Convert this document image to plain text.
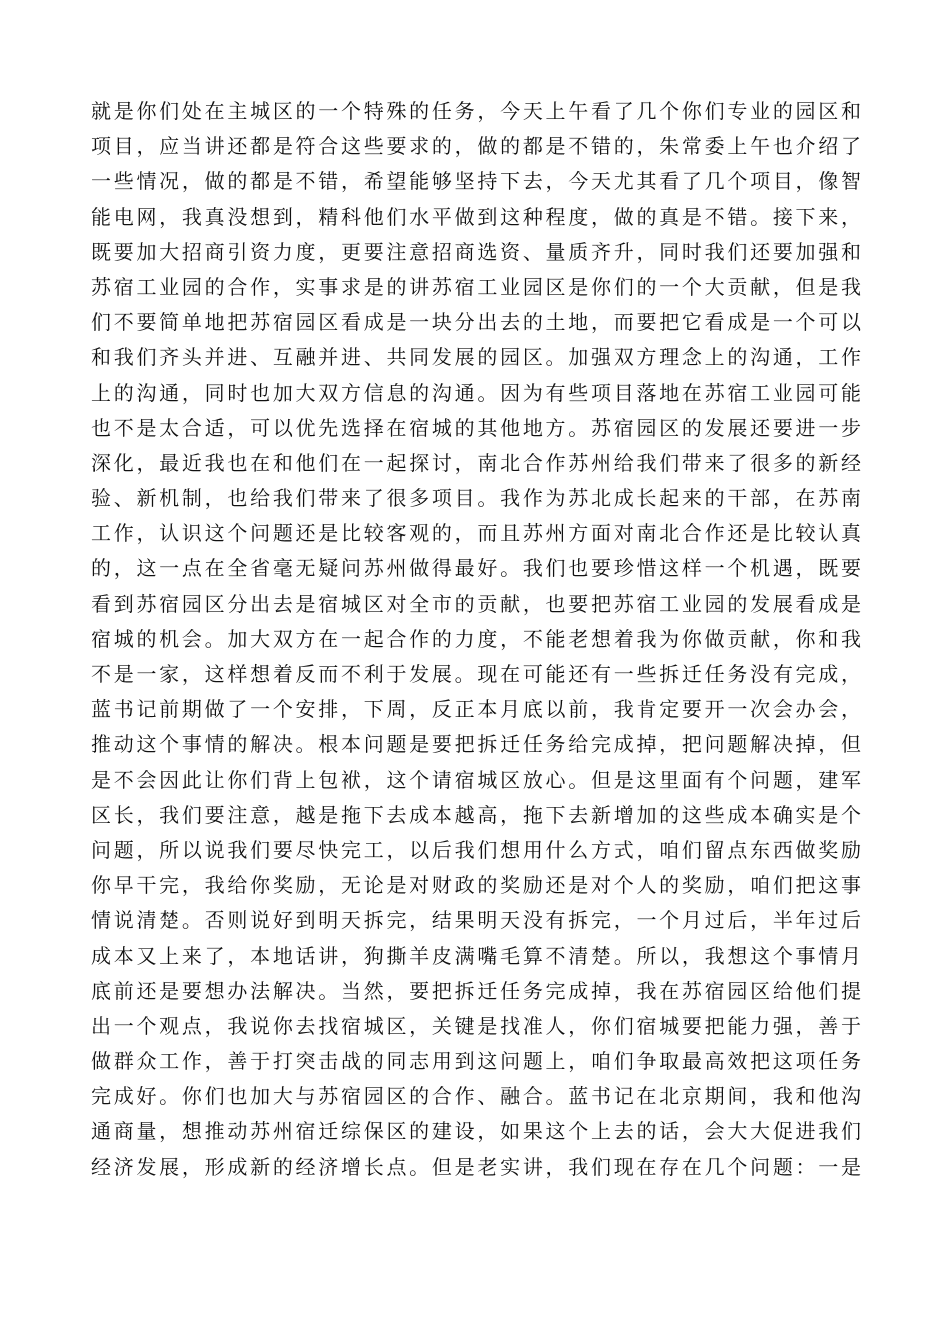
就是你们处在主城区的一个特殊的任务，今天上午看了几个你们专业的园区和
项目，应当讲还都是符合这些要求的，做的都是不错的，朱常委上午也介绍了
一些情况，做的都是不错，希望能够坚持下去，今天尤其看了几个项目，像智
能电网，我真没想到，精科他们水平做到这种程度，做的真是不错。接下来，
既要加大招商引资力度，更要注意招商选资、量质齐升，同时我们还要加强和
苏宿工业园的合作，实事求是的讲苏宿工业园区是你们的一个大贡献，但是我
们不要简单地把苏宿园区看成是一块分出去的土地，而要把它看成是一个可以
和我们齐头并进、互融并进、共同发展的园区。加强双方理念上的沟通，工作
上的沟通，同时也加大双方信息的沟通。因为有些项目落地在苏宿工业园可能
也不是太合适，可以优先选择在宿城的其他地方。苏宿园区的发展还要进一步
深化，最近我也在和他们在一起探讨，南北合作苏州给我们带来了很多的新经
验、新机制，也给我们带来了很多项目。我作为苏北成长起来的干部，在苏南
工作，认识这个问题还是比较客观的，而且苏州方面对南北合作还是比较认真
的，这一点在全省毫无疑问苏州做得最好。我们也要珍惜这样一个机遇，既要
看到苏宿园区分出去是宿城区对全市的贡献，也要把苏宿工业园的发展看成是
宿城的机会。加大双方在一起合作的力度，不能老想着我为你做贡献，你和我
不是一家，这样想着反而不利于发展。现在可能还有一些拆迁任务没有完成，
蓝书记前期做了一个安排，下周，反正本月底以前，我肯定要开一次会办会，
推动这个事情的解决。根本问题是要把拆迁任务给完成掉，把问题解决掉，但
是不会因此让你们背上包袱，这个请宿城区放心。但是这里面有个问题，建军
区长，我们要注意，越是拖下去成本越高，拖下去新增加的这些成本确实是个
问题，所以说我们要尽快完工，以后我们想用什么方式，咱们留点东西做奖励
你早干完，我给你奖励，无论是对财政的奖励还是对个人的奖励，咱们把这事
情说清楚。否则说好到明天拆完，结果明天没有拆完，一个月过后，半年过后
成本又上来了，本地话讲，狗撕羊皮满嘴毛算不清楚。所以，我想这个事情月
底前还是要想办法解决。当然，要把拆迁任务完成掉，我在苏宿园区给他们提
出一个观点，我说你去找宿城区，关键是找准人，你们宿城要把能力强，善于
做群众工作，善于打突击战的同志用到这问题上，咱们争取最高效把这项任务
完成好。你们也加大与苏宿园区的合作、融合。蓝书记在北京期间，我和他沟
通商量，想推动苏州宿迁综保区的建设，如果这个上去的话，会大大促进我们
经济发展，形成新的经济增长点。但是老实讲，我们现在存在几个问题：一是
